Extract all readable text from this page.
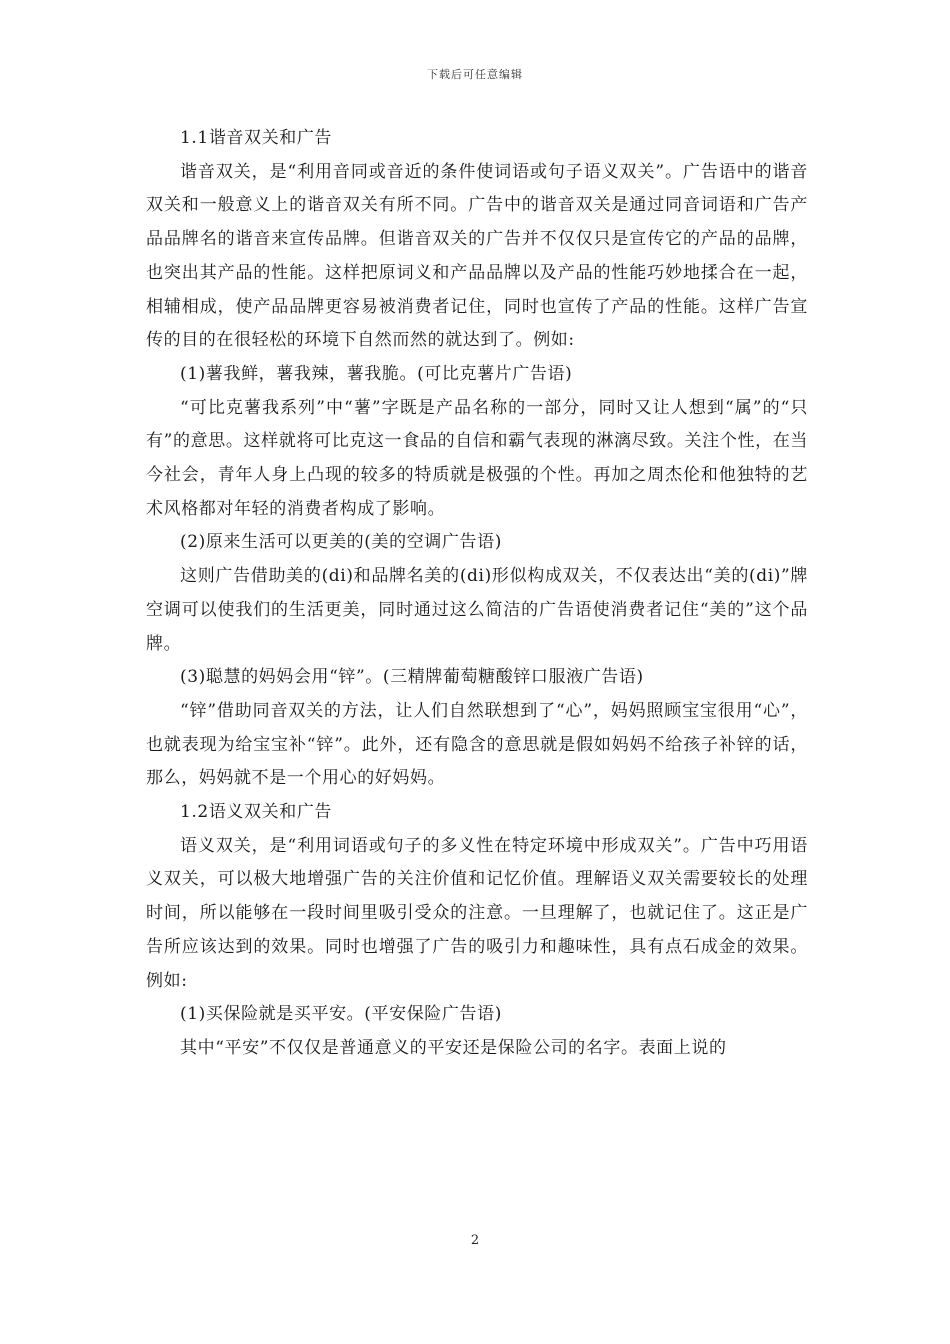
下载后可任意编辑

1.1谐音双关和广告

谐音双关，是“利用音同或音近的条件使词语或句子语义双关”。广告语中的谐音双关和一般意义上的谐音双关有所不同。广告中的谐音双关是通过同音词语和广告产品品牌名的谐音来宣传品牌。但谐音双关的广告并不仅仅只是宣传它的产品的品牌，也突出其产品的性能。这样把原词义和产品品牌以及产品的性能巧妙地揉合在一起，相辅相成，使产品品牌更容易被消费者记住，同时也宣传了产品的性能。这样广告宣传的目的在很轻松的环境下自然而然的就达到了。例如:

(1)薯我鲜，薯我辣，薯我脆。(可比克薯片广告语)

“可比克薯我系列”中“薯”字既是产品名称的一部分，同时又让人想到“属”的“只有”的意思。这样就将可比克这一食品的自信和霸气表现的淋漓尽致。关注个性，在当今社会，青年人身上凸现的较多的特质就是极强的个性。再加之周杰伦和他独特的艺术风格都对年轻的消费者构成了影响。

(2)原来生活可以更美的(美的空调广告语)

这则广告借助美的(di)和品牌名美的(di)形似构成双关，不仅表达出“美的(di)”牌空调可以使我们的生活更美，同时通过这么简洁的广告语使消费者记住“美的”这个品牌。

(3)聪慧的妈妈会用“锌”。(三精牌葡萄糖酸锌口服液广告语)

“锌”借助同音双关的方法，让人们自然联想到了“心”，妈妈照顾宝宝很用“心”，也就表现为给宝宝补“锌”。此外，还有隐含的意思就是假如妈妈不给孩子补锌的话，那么，妈妈就不是一个用心的好妈妈。

1.2语义双关和广告

语义双关，是“利用词语或句子的多义性在特定环境中形成双关”。广告中巧用语义双关，可以极大地增强广告的关注价值和记忆价值。理解语义双关需要较长的处理时间，所以能够在一段时间里吸引受众的注意。一旦理解了，也就记住了。这正是广告所应该达到的效果。同时也增强了广告的吸引力和趣味性，具有点石成金的效果。例如:

(1)买保险就是买平安。(平安保险广告语)

其中“平安”不仅仅是普通意义的平安还是保险公司的名字。表面上说的

2
